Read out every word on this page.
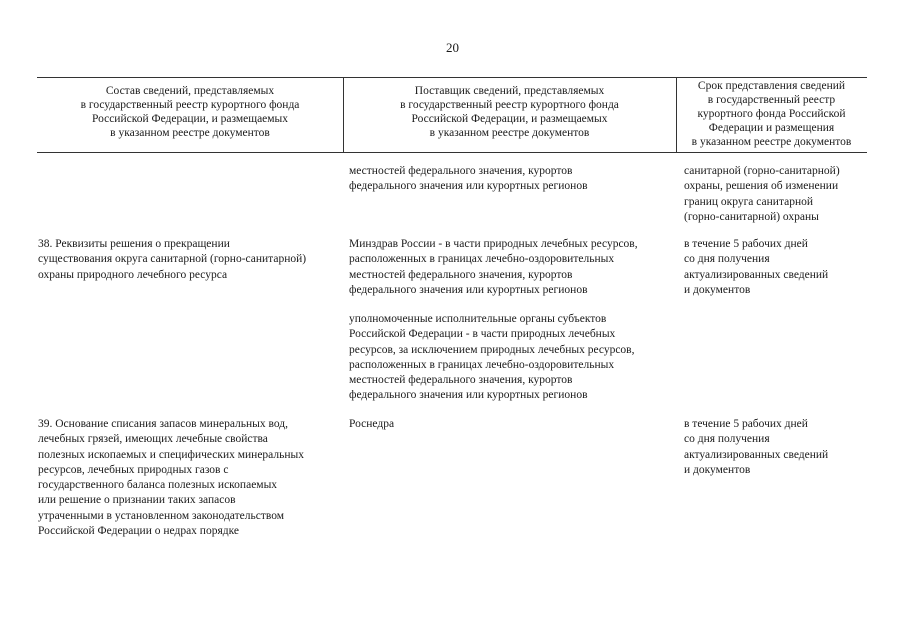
20
Состав сведений, представляемых
в государственный реестр курортного фонда
Российской Федерации, и размещаемых
в указанном реестре документов
Поставщик сведений, представляемых
в государственный реестр курортного фонда
Российской Федерации, и размещаемых
в указанном реестре документов
Срок представления сведений
в государственный реестр
курортного фонда Российской
Федерации и размещения
в указанном реестре документов
местностей федерального значения, курортов
федерального значения или курортных регионов
санитарной (горно-санитарной)
охраны, решения об изменении
границ округа санитарной
(горно-санитарной) охраны
38. Реквизиты решения о прекращении
существования округа санитарной (горно-санитарной)
охраны природного лечебного ресурса
Минздрав России - в части природных лечебных ресурсов,
расположенных в границах лечебно-оздоровительных
местностей федерального значения, курортов
федерального значения или курортных регионов
в течение 5 рабочих дней
со дня получения
актуализированных сведений
и документов
уполномоченные исполнительные органы субъектов
Российской Федерации - в части природных лечебных
ресурсов, за исключением природных лечебных ресурсов,
расположенных в границах лечебно-оздоровительных
местностей федерального значения, курортов
федерального значения или курортных регионов
39. Основание списания запасов минеральных вод,
лечебных грязей, имеющих лечебные свойства
полезных ископаемых и специфических минеральных
ресурсов, лечебных природных газов с
государственного баланса полезных ископаемых
или решение о признании таких запасов
утраченными в установленном законодательством
Российской Федерации о недрах порядке
Роснедра	в течение 5 рабочих дней
со дня получения
актуализированных сведений
и документов
